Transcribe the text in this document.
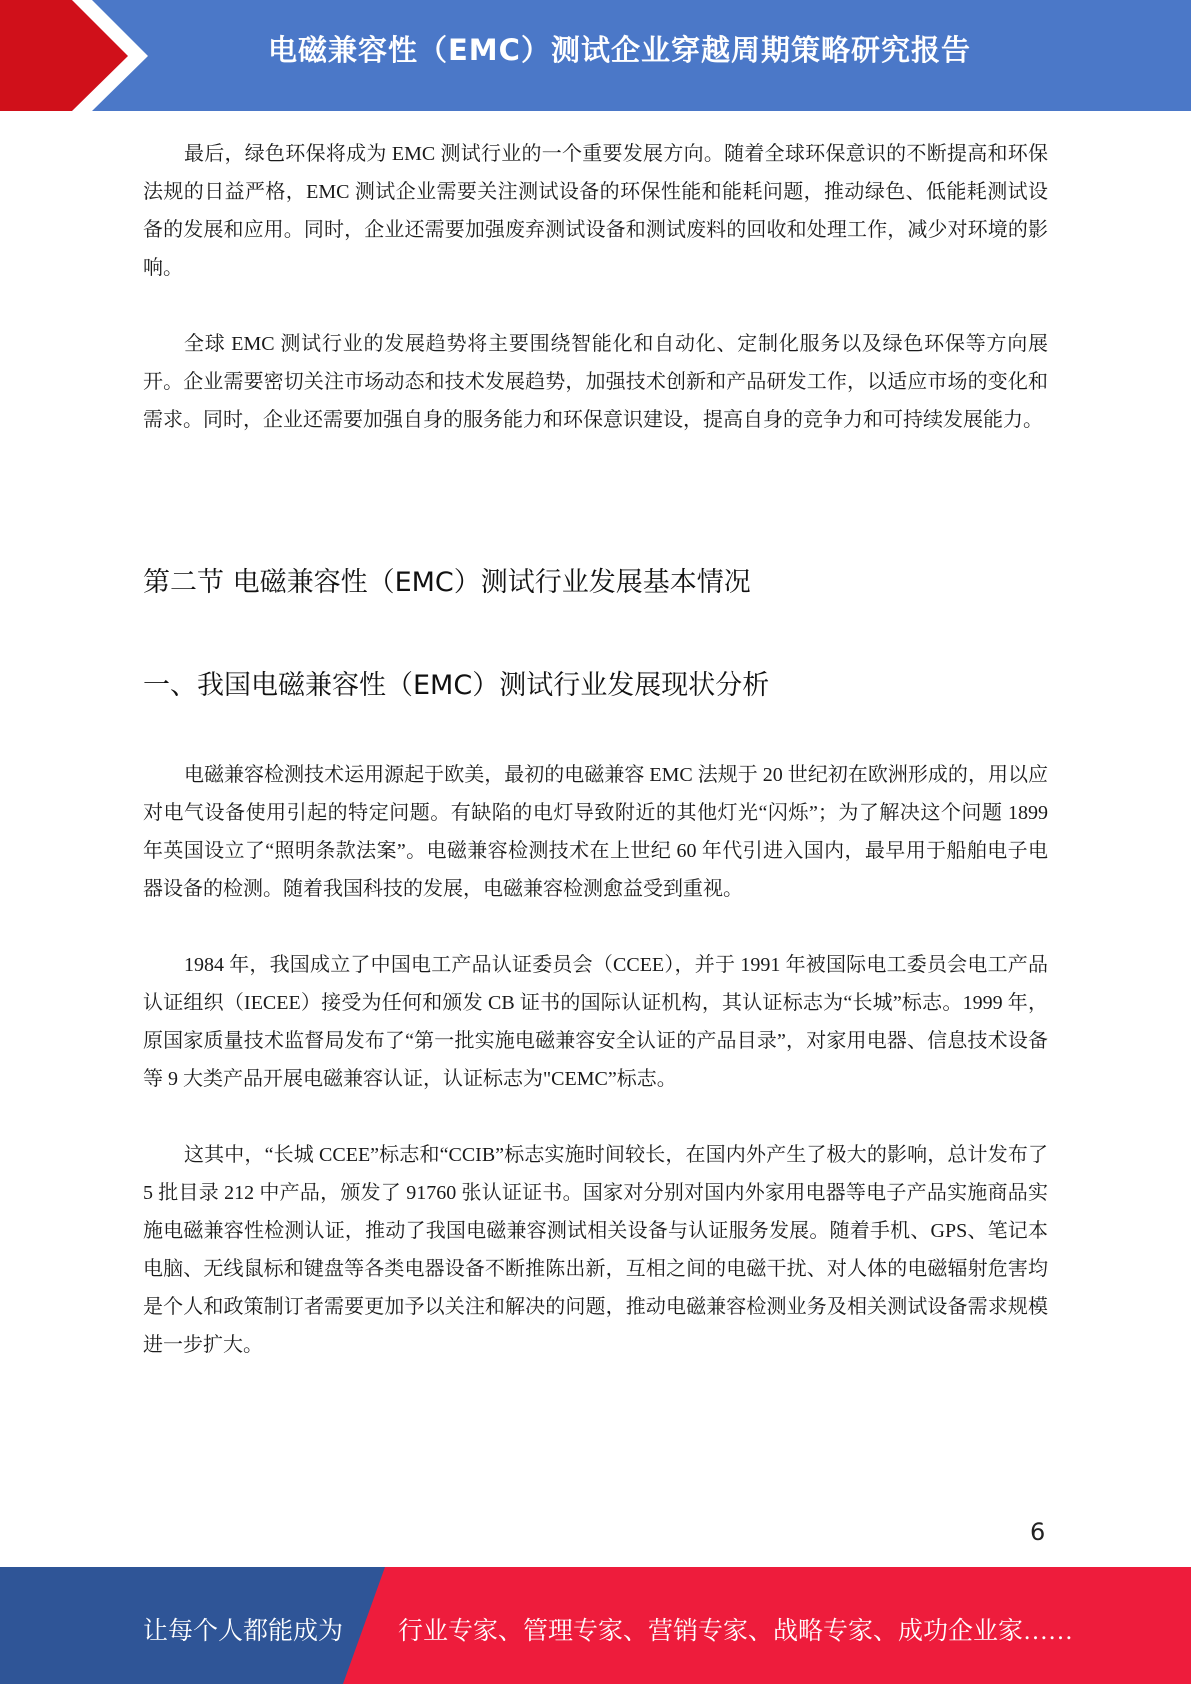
电磁兼容性（EMC）测试企业穿越周期策略研究报告

最后，绿色环保将成为 EMC 测试行业的一个重要发展方向。随着全球环保意识的不断提高和环保法规的日益严格，EMC 测试企业需要关注测试设备的环保性能和能耗问题，推动绿色、低能耗测试设备的发展和应用。同时，企业还需要加强废弃测试设备和测试废料的回收和处理工作，减少对环境的影响。

全球 EMC 测试行业的发展趋势将主要围绕智能化和自动化、定制化服务以及绿色环保等方向展开。企业需要密切关注市场动态和技术发展趋势，加强技术创新和产品研发工作，以适应市场的变化和需求。同时，企业还需要加强自身的服务能力和环保意识建设，提高自身的竞争力和可持续发展能力。

第二节 电磁兼容性（EMC）测试行业发展基本情况
一、我国电磁兼容性（EMC）测试行业发展现状分析

电磁兼容检测技术运用源起于欧美，最初的电磁兼容 EMC 法规于 20 世纪初在欧洲形成的，用以应对电气设备使用引起的特定问题。有缺陷的电灯导致附近的其他灯光“闪烁”；为了解决这个问题 1899 年英国设立了“照明条款法案”。电磁兼容检测技术在上世纪 60 年代引进入国内，最早用于船舶电子电器设备的检测。随着我国科技的发展，电磁兼容检测愈益受到重视。

1984 年，我国成立了中国电工产品认证委员会（CCEE），并于 1991 年被国际电工委员会电工产品认证组织（IECEE）接受为任何和颁发 CB 证书的国际认证机构，其认证标志为“长城”标志。1999 年，原国家质量技术监督局发布了“第一批实施电磁兼容安全认证的产品目录”，对家用电器、信息技术设备等 9 大类产品开展电磁兼容认证，认证标志为"CEMC”标志。

这其中，“长城 CCEE”标志和“CCIB”标志实施时间较长，在国内外产生了极大的影响，总计发布了 5 批目录 212 中产品，颁发了 91760 张认证证书。国家对分别对国内外家用电器等电子产品实施商品实施电磁兼容性检测认证，推动了我国电磁兼容测试相关设备与认证服务发展。随着手机、GPS、笔记本电脑、无线鼠标和键盘等各类电器设备不断推陈出新，互相之间的电磁干扰、对人体的电磁辐射危害均是个人和政策制订者需要更加予以关注和解决的问题，推动电磁兼容检测业务及相关测试设备需求规模进一步扩大。

6
让每个人都能成为 行业专家、管理专家、营销专家、战略专家、成功企业家……
